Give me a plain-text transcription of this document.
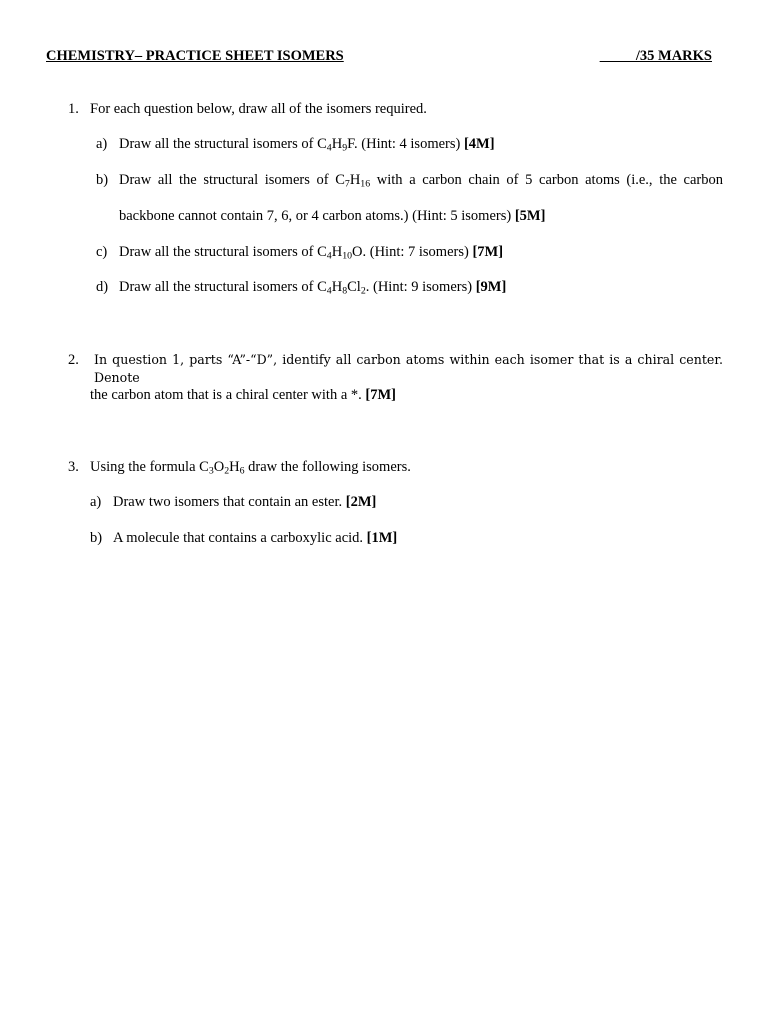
CHEMISTRY– PRACTICE SHEET ISOMERS	/35 MARKS
1. For each question below, draw all of the isomers required.
a) Draw all the structural isomers of $C_4H_9F$. (Hint: 4 isomers) [4M]
b) Draw all the structural isomers of $C_7H_{16}$ with a carbon chain of 5 carbon atoms (i.e., the carbon
backbone cannot contain 7, 6, or 4 carbon atoms.) (Hint: 5 isomers) [5M]
c) Draw all the structural isomers of $C_4H_{10}O$. (Hint: 7 isomers) [7M]
d) Draw all the structural isomers of $C_4H_8Cl_2$. (Hint: 9 isomers) [9M]
2. In question 1, parts “A”-“D”, identify all carbon atoms within each isomer that is a chiral center. Denote
the carbon atom that is a chiral center with a *. [7M]
3. Using the formula $C_3O_2H_6$ draw the following isomers.
a) Draw two isomers that contain an ester. [2M]
b) A molecule that contains a carboxylic acid. [1M]
